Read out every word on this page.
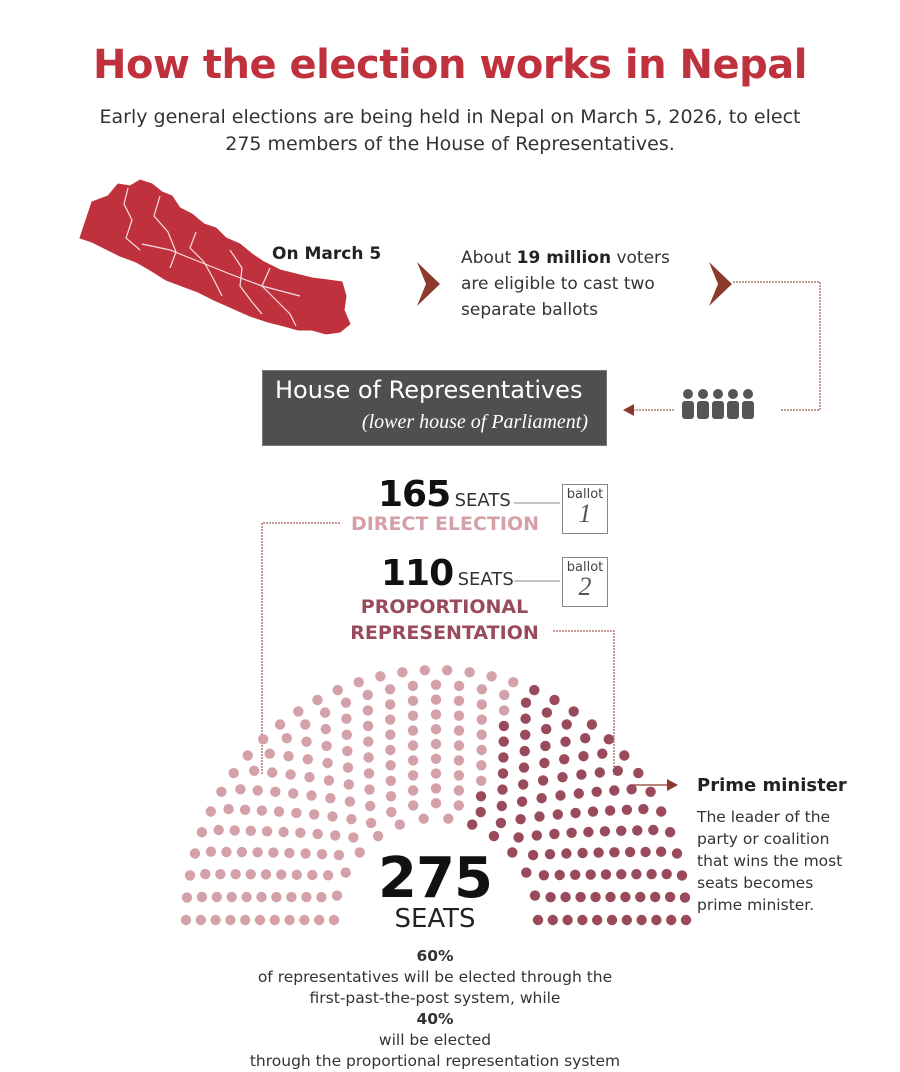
How the election works in Nepal
Early general elections are being held in Nepal on March 5, 2026, to elect
275 members of the House of Representatives.
On March 5	About 19 million voters
are eligible to cast two
separate ballots
House of Representatives
(lower house of Parliament)
165 SEATS
DIRECT ELECTION
ballot
1
110 SEATS
PROPORTIONAL
REPRESENTATION
ballot
2
275
SEATS
60%
of representatives will be elected through the
first-past-the-post system, while
40%
will be elected
through the proportional representation system
Prime minister
The leader of the
party or coalition
that wins the most
seats becomes
prime minister.
